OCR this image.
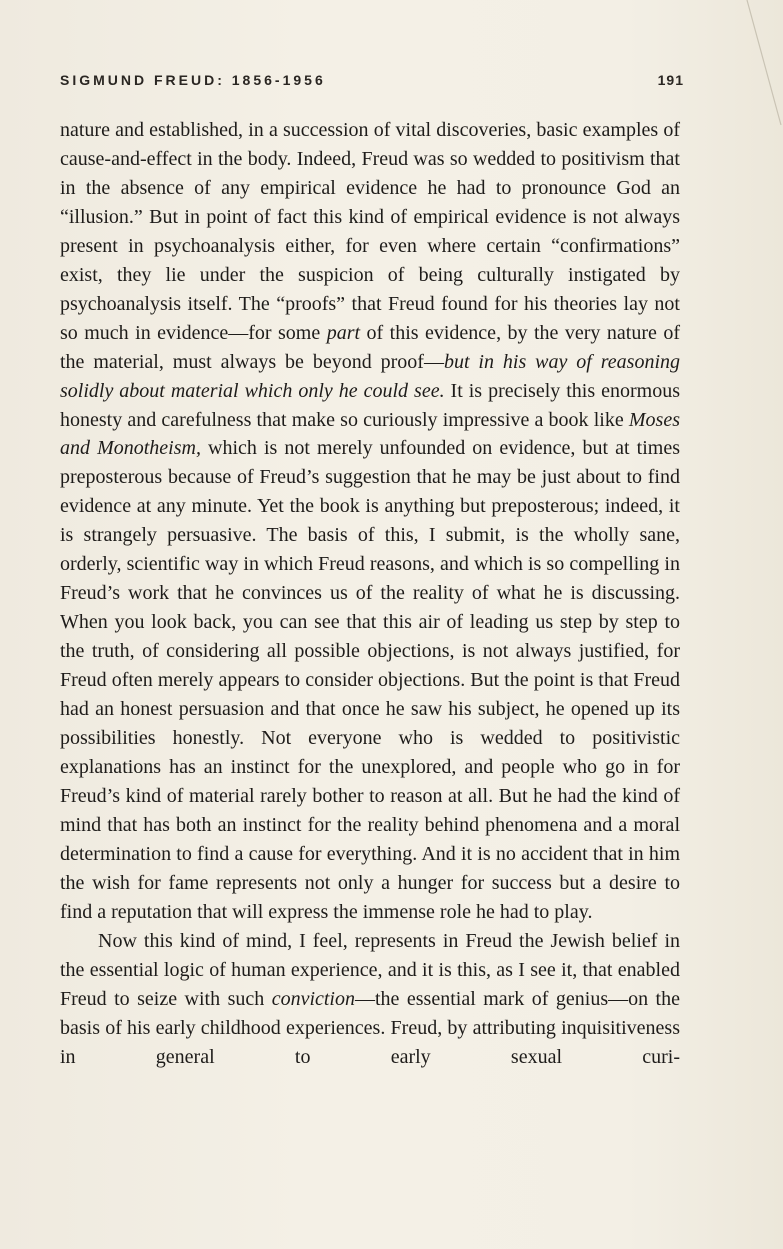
SIGMUND FREUD: 1856-1956	191

nature and established, in a succession of vital discoveries, basic examples of cause-and-effect in the body. Indeed, Freud was so wedded to positivism that in the absence of any empirical evidence he had to pronounce God an “illusion.” But in point of fact this kind of empirical evidence is not always present in psychoanalysis either, for even where certain “confirmations” exist, they lie under the suspicion of being culturally instigated by psychoanalysis itself. The “proofs” that Freud found for his theories lay not so much in evidence—for some part of this evidence, by the very nature of the material, must always be beyond proof—but in his way of reasoning solidly about material which only he could see. It is precisely this enormous honesty and carefulness that make so curiously impressive a book like Moses and Monotheism, which is not merely unfounded on evidence, but at times preposterous because of Freud’s suggestion that he may be just about to find evidence at any minute. Yet the book is anything but preposterous; indeed, it is strangely persuasive. The basis of this, I submit, is the wholly sane, orderly, scientific way in which Freud reasons, and which is so compelling in Freud’s work that he convinces us of the reality of what he is discussing. When you look back, you can see that this air of leading us step by step to the truth, of considering all possible objections, is not always justified, for Freud often merely appears to consider objections. But the point is that Freud had an honest persuasion and that once he saw his subject, he opened up its possibilities honestly. Not everyone who is wedded to positivistic explanations has an instinct for the unexplored, and people who go in for Freud’s kind of material rarely bother to reason at all. But he had the kind of mind that has both an instinct for the reality behind phenomena and a moral determination to find a cause for everything. And it is no accident that in him the wish for fame represents not only a hunger for success but a desire to find a reputation that will express the immense role he had to play.

Now this kind of mind, I feel, represents in Freud the Jewish belief in the essential logic of human experience, and it is this, as I see it, that enabled Freud to seize with such conviction—the essential mark of genius—on the basis of his early childhood experiences. Freud, by attributing inquisitiveness in general to early sexual curi-
